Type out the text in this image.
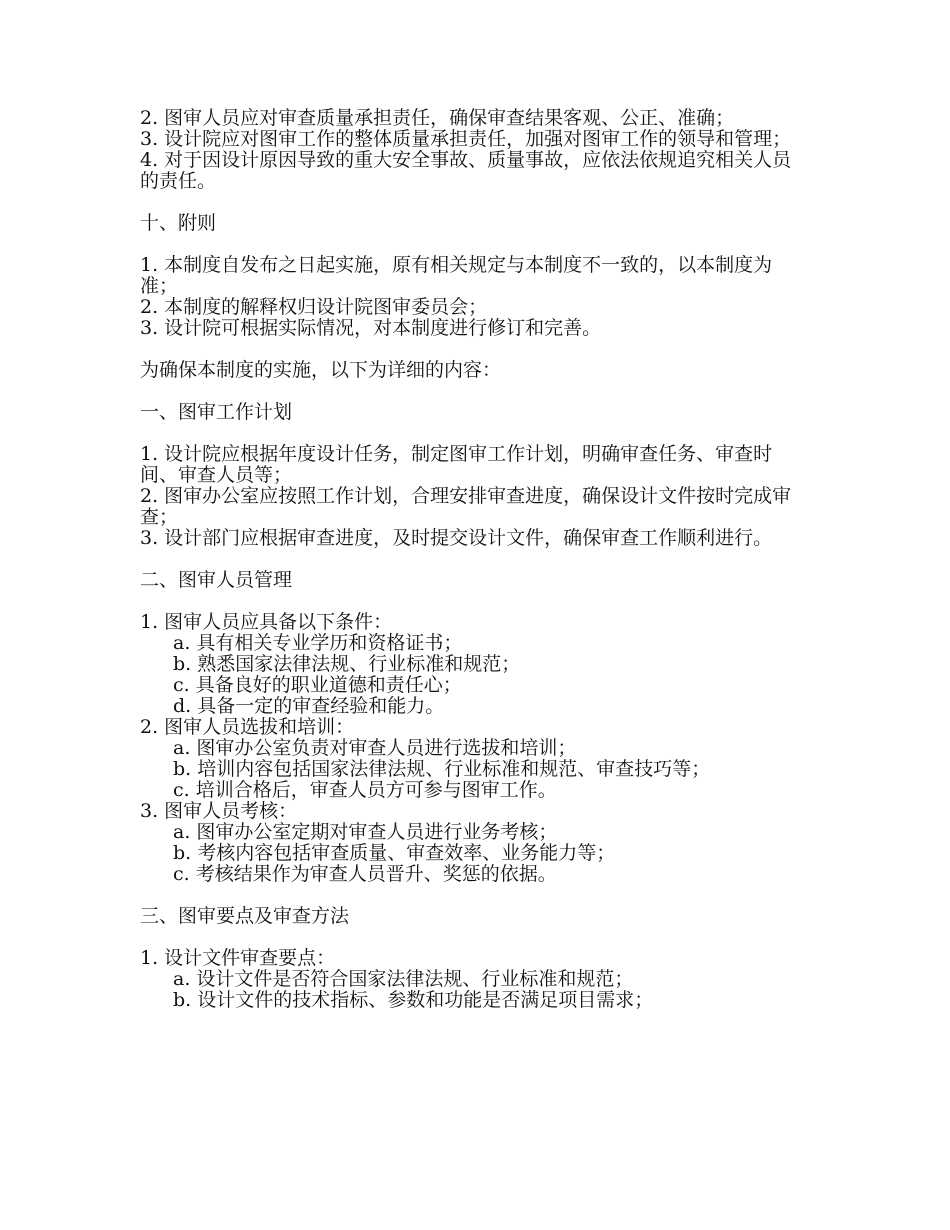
2. 图审人员应对审查质量承担责任，确保审查结果客观、公正、准确；

3. 设计院应对图审工作的整体质量承担责任，加强对图审工作的领导和管理；

4. 对于因设计原因导致的重大安全事故、质量事故，应依法依规追究相关人员的责任。

十、附则

1. 本制度自发布之日起实施，原有相关规定与本制度不一致的，以本制度为准；

2. 本制度的解释权归设计院图审委员会；

3. 设计院可根据实际情况，对本制度进行修订和完善。

为确保本制度的实施，以下为详细的内容：

一、图审工作计划

1. 设计院应根据年度设计任务，制定图审工作计划，明确审查任务、审查时间、审查人员等；

2. 图审办公室应按照工作计划，合理安排审查进度，确保设计文件按时完成审查；

3. 设计部门应根据审查进度，及时提交设计文件，确保审查工作顺利进行。

二、图审人员管理

1. 图审人员应具备以下条件：

a. 具有相关专业学历和资格证书；

b. 熟悉国家法律法规、行业标准和规范；

c. 具备良好的职业道德和责任心；

d. 具备一定的审查经验和能力。

2. 图审人员选拔和培训：

a. 图审办公室负责对审查人员进行选拔和培训；

b. 培训内容包括国家法律法规、行业标准和规范、审查技巧等；

c. 培训合格后，审查人员方可参与图审工作。

3. 图审人员考核：

a. 图审办公室定期对审查人员进行业务考核；

b. 考核内容包括审查质量、审查效率、业务能力等；

c. 考核结果作为审查人员晋升、奖惩的依据。

三、图审要点及审查方法

1. 设计文件审查要点：

a. 设计文件是否符合国家法律法规、行业标准和规范；

b. 设计文件的技术指标、参数和功能是否满足项目需求；
